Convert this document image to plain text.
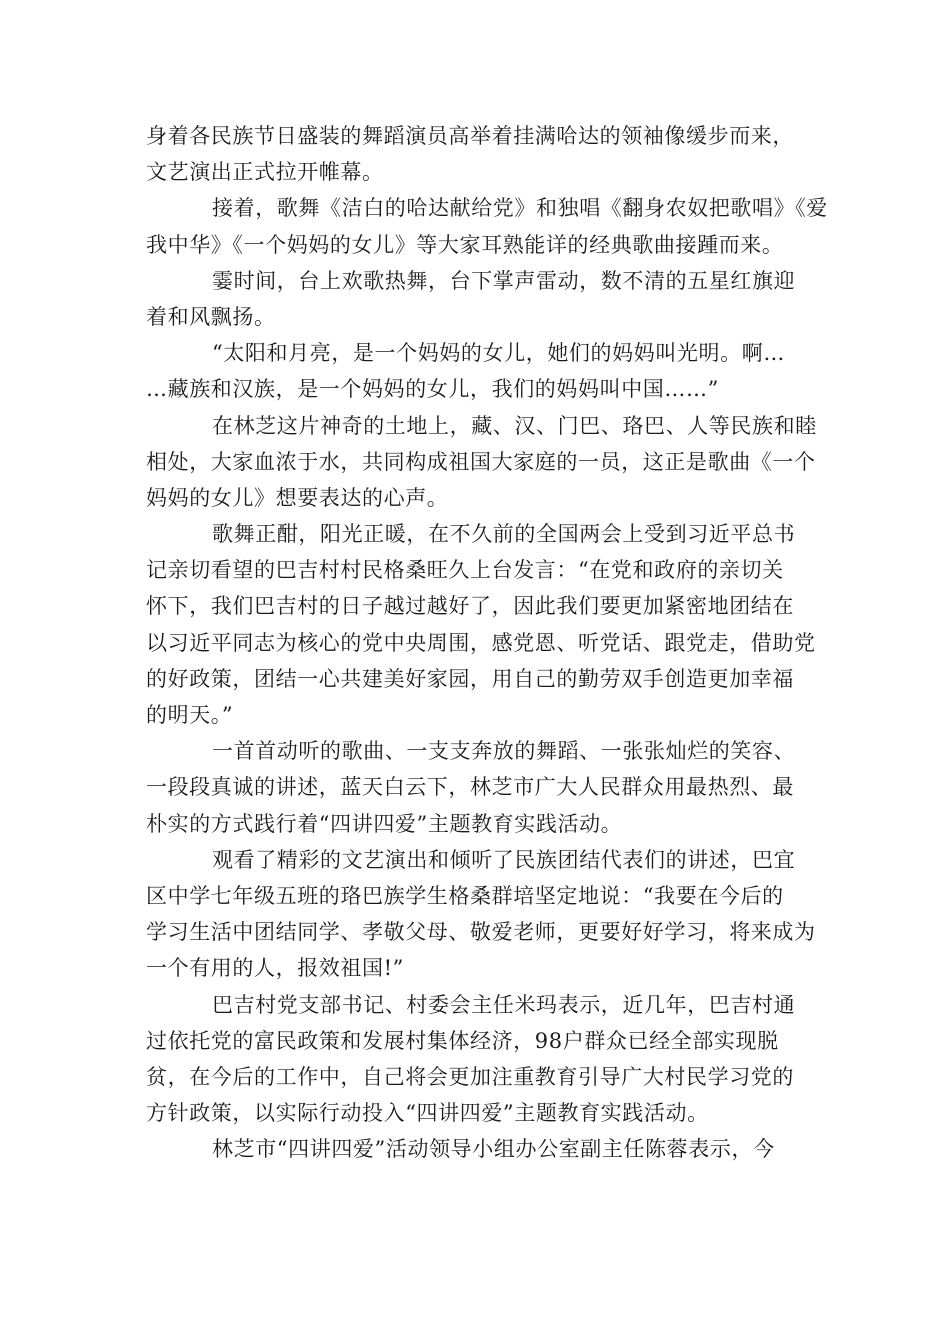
身着各民族节日盛装的舞蹈演员高举着挂满哈达的领袖像缓步而来，
文艺演出正式拉开帷幕。
接着，歌舞《洁白的哈达献给党》和独唱《翻身农奴把歌唱》《爱
我中华》《一个妈妈的女儿》等大家耳熟能详的经典歌曲接踵而来。
霎时间，台上欢歌热舞，台下掌声雷动，数不清的五星红旗迎
着和风飘扬。
“太阳和月亮，是一个妈妈的女儿，她们的妈妈叫光明。啊…
…藏族和汉族，是一个妈妈的女儿，我们的妈妈叫中国……”
在林芝这片神奇的土地上，藏、汉、门巴、珞巴、人等民族和睦
相处，大家血浓于水，共同构成祖国大家庭的一员，这正是歌曲《一个
妈妈的女儿》想要表达的心声。
歌舞正酣，阳光正暖，在不久前的全国两会上受到习近平总书
记亲切看望的巴吉村村民格桑旺久上台发言：“在党和政府的亲切关
怀下，我们巴吉村的日子越过越好了，因此我们要更加紧密地团结在
以习近平同志为核心的党中央周围，感党恩、听党话、跟党走，借助党
的好政策，团结一心共建美好家园，用自己的勤劳双手创造更加幸福
的明天。”
一首首动听的歌曲、一支支奔放的舞蹈、一张张灿烂的笑容、
一段段真诚的讲述，蓝天白云下，林芝市广大人民群众用最热烈、最
朴实的方式践行着“四讲四爱”主题教育实践活动。
观看了精彩的文艺演出和倾听了民族团结代表们的讲述，巴宜
区中学七年级五班的珞巴族学生格桑群培坚定地说：“我要在今后的
学习生活中团结同学、孝敬父母、敬爱老师，更要好好学习，将来成为
一个有用的人，报效祖国!”
巴吉村党支部书记、村委会主任米玛表示，近几年，巴吉村通
过依托党的富民政策和发展村集体经济，98户群众已经全部实现脱
贫，在今后的工作中，自己将会更加注重教育引导广大村民学习党的
方针政策，以实际行动投入“四讲四爱”主题教育实践活动。
林芝市“四讲四爱”活动领导小组办公室副主任陈蓉表示，今
